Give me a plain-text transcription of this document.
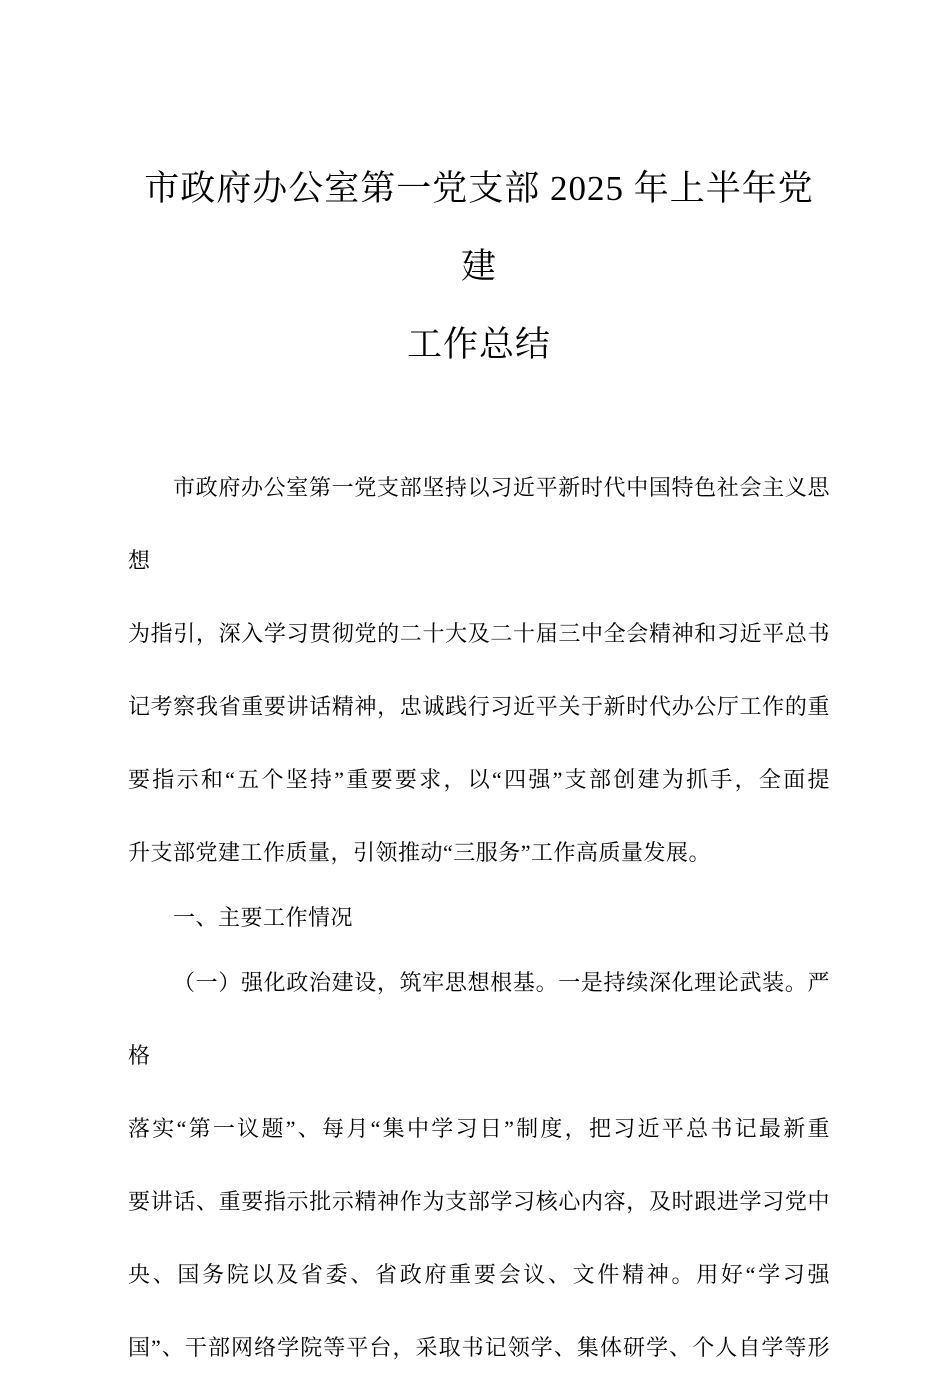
市政府办公室第一党支部 2025 年上半年党建
工作总结
市政府办公室第一党支部坚持以习近平新时代中国特色社会主义思想
为指引，深入学习贯彻党的二十大及二十届三中全会精神和习近平总书
记考察我省重要讲话精神，忠诚践行习近平关于新时代办公厅工作的重
要指示和“五个坚持”重要要求，以“四强”支部创建为抓手，全面提
升支部党建工作质量，引领推动“三服务”工作高质量发展。
一、主要工作情况
（一）强化政治建设，筑牢思想根基。一是持续深化理论武装。严格
落实“第一议题”、每月“集中学习日”制度，把习近平总书记最新重
要讲话、重要指示批示精神作为支部学习核心内容，及时跟进学习党中
央、国务院以及省委、省政府重要会议、文件精神。用好“学习强
国”、干部网络学院等平台，采取书记领学、集体研学、个人自学等形
